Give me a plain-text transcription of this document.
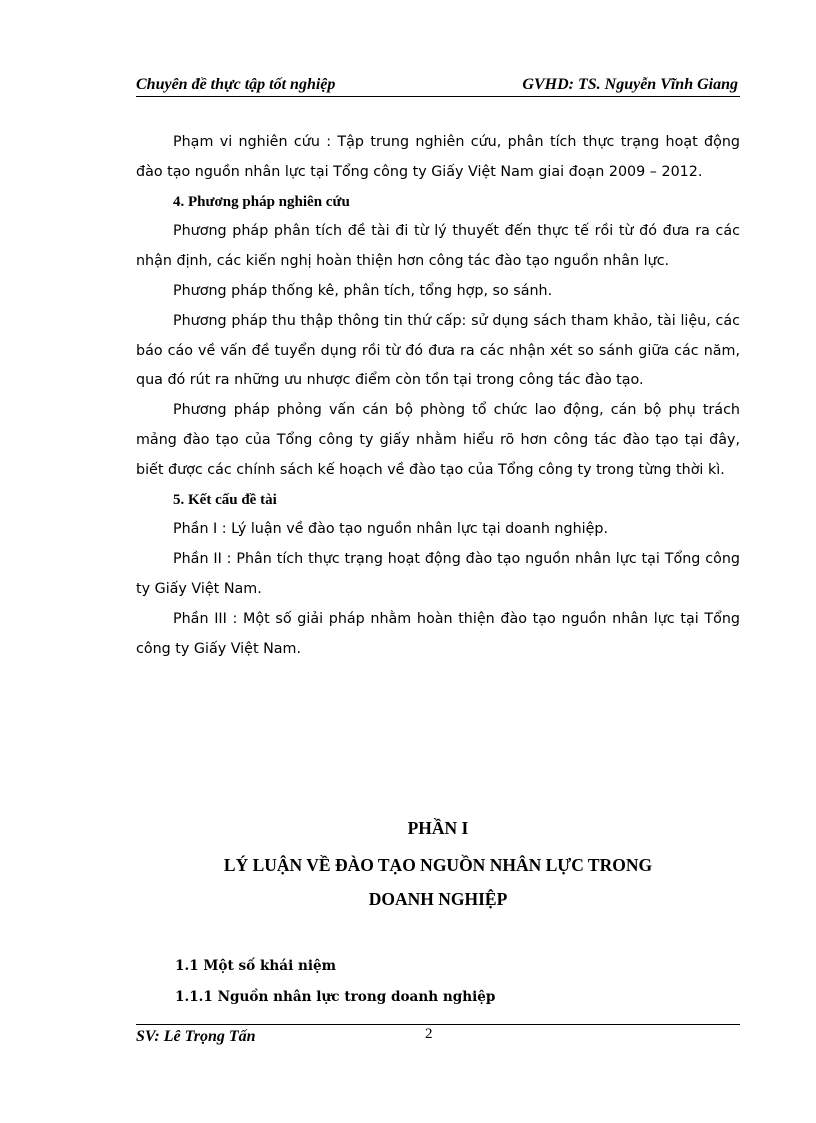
Chuyên đề thực tập tốt nghiệp	GVHD: TS. Nguyễn Vĩnh Giang

Phạm vi nghiên cứu : Tập trung nghiên cứu, phân tích thực trạng hoạt động đào tạo nguồn nhân lực tại Tổng công ty Giấy Việt Nam giai đoạn 2009 – 2012.

4. Phương pháp nghiên cứu

Phương pháp phân tích đề tài đi từ lý thuyết đến thực tế rồi từ đó đưa ra các nhận định, các kiến nghị hoàn thiện hơn công tác đào tạo nguồn nhân lực.

Phương pháp thống kê, phân tích, tổng hợp, so sánh.

Phương pháp thu thập thông tin thứ cấp: sử dụng sách tham khảo, tài liệu, các báo cáo về vấn đề tuyển dụng rồi từ đó đưa ra các nhận xét so sánh giữa các năm, qua đó rút ra những ưu nhược điểm còn tồn tại trong công tác đào tạo.

Phương pháp phỏng vấn cán bộ phòng tổ chức lao động, cán bộ phụ trách mảng đào tạo của Tổng công ty giấy nhằm hiểu rõ hơn công tác đào tạo tại đây, biết được các chính sách kế hoạch về đào tạo của Tổng công ty trong từng thời kì.

5. Kết cấu đề tài

Phần I : Lý luận về đào tạo nguồn nhân lực tại doanh nghiệp.

Phần II : Phân tích thực trạng hoạt động đào tạo nguồn nhân lực tại Tổng công ty Giấy Việt Nam.

Phần III : Một số giải pháp nhằm hoàn thiện đào tạo nguồn nhân lực tại Tổng công ty Giấy Việt Nam.

PHẦN I
LÝ LUẬN VỀ ĐÀO TẠO NGUỒN NHÂN LỰC TRONG
DOANH NGHIỆP
1.1 Một số khái niệm
1.1.1 Nguồn nhân lực trong doanh nghiệp
SV: Lê Trọng Tấn	2
